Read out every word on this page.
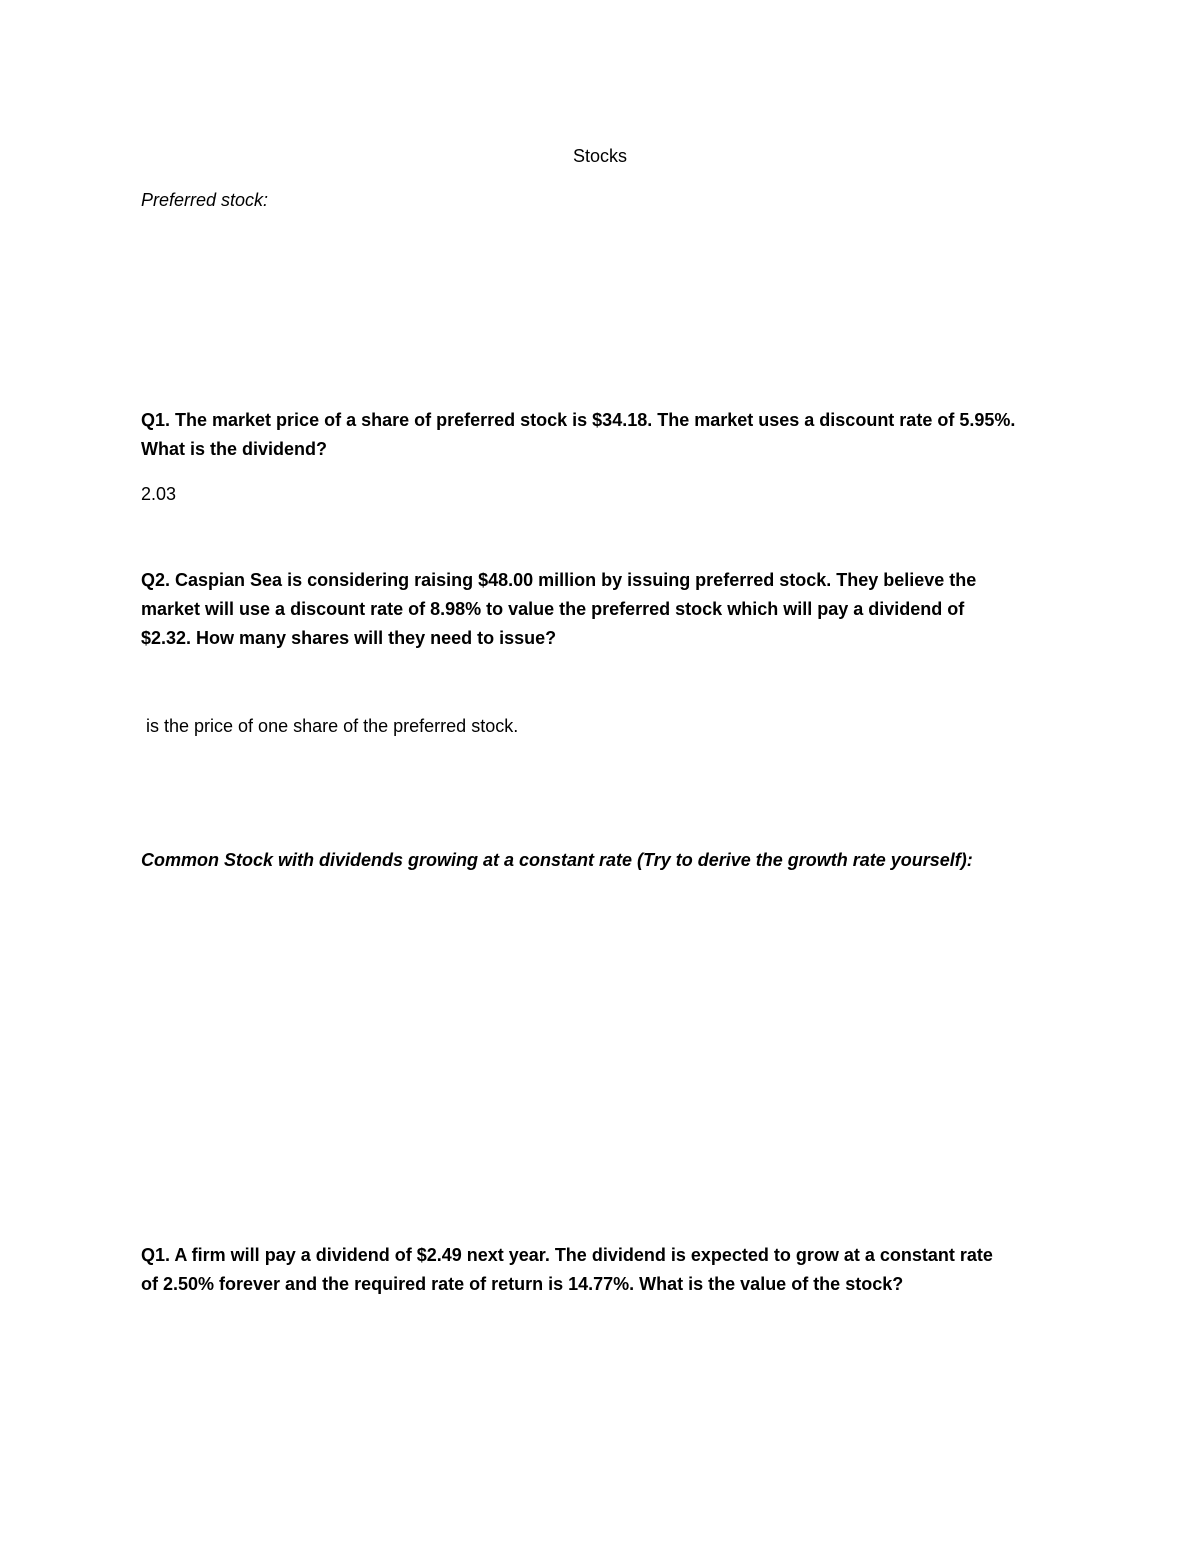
Stocks

Preferred stock:

Q1. The market price of a share of preferred stock is $34.18. The market uses a discount rate of 5.95%.
What is the dividend?

2.03

Q2. Caspian Sea is considering raising $48.00 million by issuing preferred stock. They believe the
market will use a discount rate of 8.98% to value the preferred stock which will pay a dividend of
$2.32. How many shares will they need to issue?

is the price of one share of the preferred stock.

Common Stock with dividends growing at a constant rate (Try to derive the growth rate yourself):

Q1. A firm will pay a dividend of $2.49 next year. The dividend is expected to grow at a constant rate
of 2.50% forever and the required rate of return is 14.77%. What is the value of the stock?
